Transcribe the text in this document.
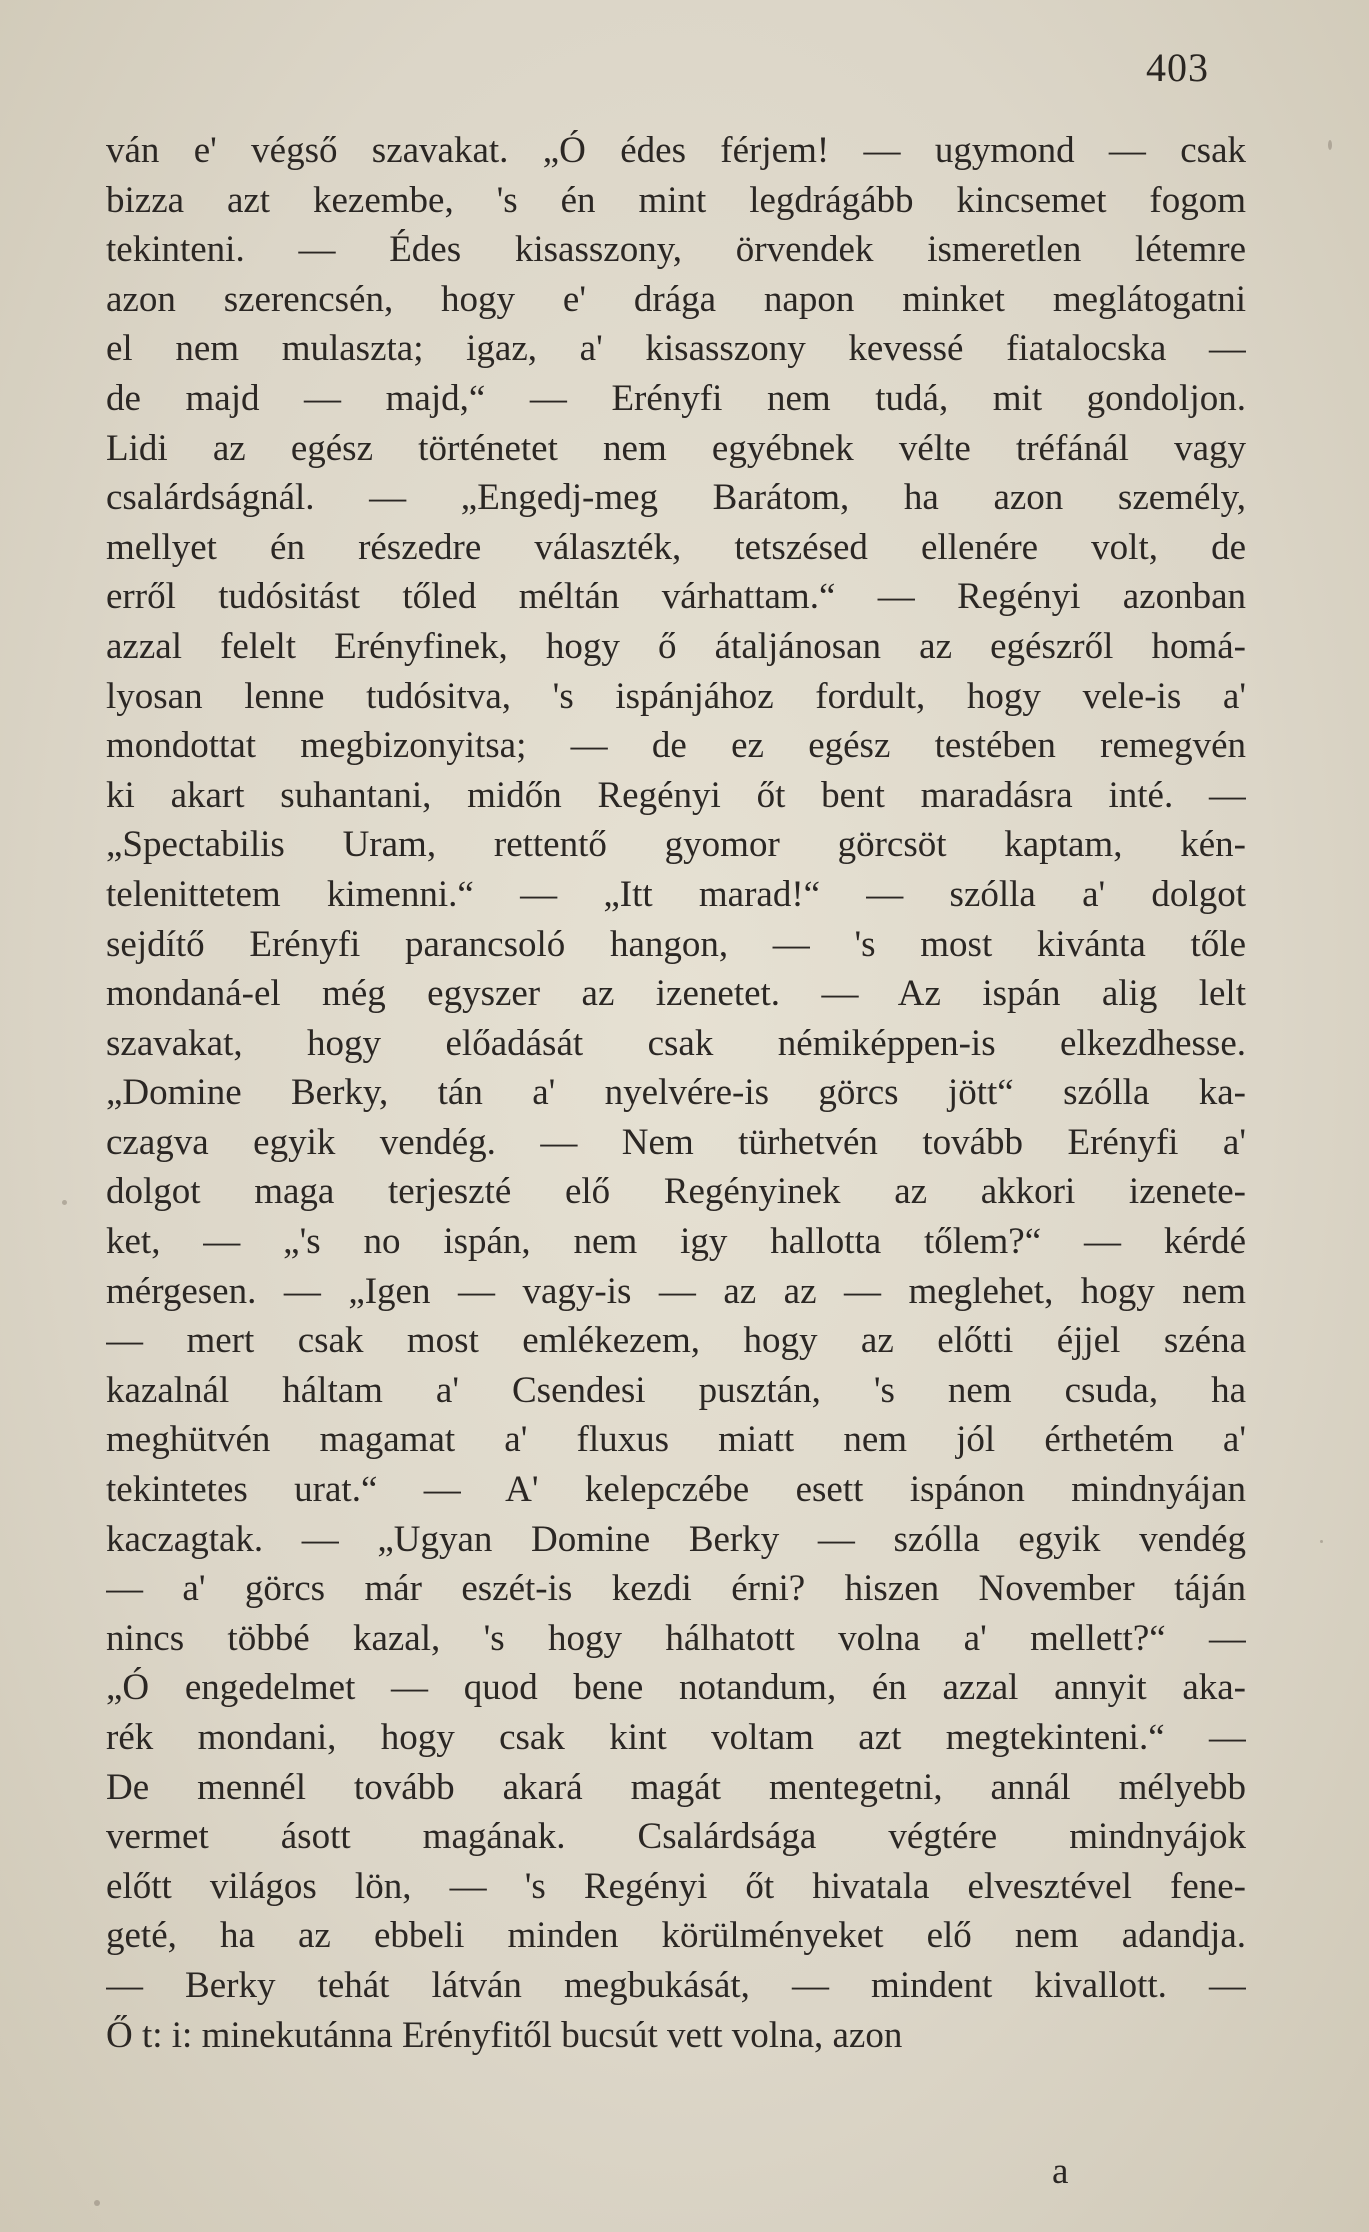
403
ván e' végső szavakat. „Ó édes férjem! — ugymond — csak
bizza azt kezembe, 's én mint legdrágább kincsemet fogom
tekinteni. — Édes kisasszony, örvendek ismeretlen létemre
azon szerencsén, hogy e' drága napon minket meglátogatni
el nem mulaszta; igaz, a' kisasszony kevessé fiatalocska —
de majd — majd,“ — Erényfi nem tudá, mit gondoljon.
Lidi az egész történetet nem egyébnek vélte tréfánál vagy
csalárdságnál. — „Engedj-meg Barátom, ha azon személy,
mellyet én részedre választék, tetszésed ellenére volt, de
erről tudósitást tőled méltán várhattam.“ — Regényi azonban
azzal felelt Erényfinek, hogy ő átaljánosan az egészről homá-
lyosan lenne tudósitva, 's ispánjához fordult, hogy vele-is a'
mondottat megbizonyitsa; — de ez egész testében remegvén
ki akart suhantani, midőn Regényi őt bent maradásra inté. —
„Spectabilis Uram, rettentő gyomor görcsöt kaptam, kén-
telenittetem kimenni.“ — „Itt marad!“ — szólla a' dolgot
sejdítő Erényfi parancsoló hangon, — 's most kivánta tőle
mondaná-el még egyszer az izenetet. — Az ispán alig lelt
szavakat, hogy előadását csak némiképpen-is elkezdhesse.
„Domine Berky, tán a' nyelvére-is görcs jött“ szólla ka-
czagva egyik vendég. — Nem türhetvén tovább Erényfi a'
dolgot maga terjeszté elő Regényinek az akkori izenete-
ket, — „'s no ispán, nem igy hallotta tőlem?“ — kérdé
mérgesen. — „Igen — vagy-is — az az — meglehet, hogy nem
— mert csak most emlékezem, hogy az előtti éjjel széna
kazalnál háltam a' Csendesi pusztán, 's nem csuda, ha
meghütvén magamat a' fluxus miatt nem jól érthetém a'
tekintetes urat.“ — A' kelepczébe esett ispánon mindnyájan
kaczagtak. — „Ugyan Domine Berky — szólla egyik vendég
— a' görcs már eszét-is kezdi érni? hiszen November táján
nincs többé kazal, 's hogy hálhatott volna a' mellett?“ —
„Ó engedelmet — quod bene notandum, én azzal annyit aka-
rék mondani, hogy csak kint voltam azt megtekinteni.“ —
De mennél tovább akará magát mentegetni, annál mélyebb
vermet ásott magának. Csalárdsága végtére mindnyájok
előtt világos lön, — 's Regényi őt hivatala elvesztével fene-
geté, ha az ebbeli minden körülményeket elő nem adandja.
— Berky tehát látván megbukását, — mindent kivallott. —
Ő t: i: minekutánna Erényfitől bucsút vett volna, azon
a
